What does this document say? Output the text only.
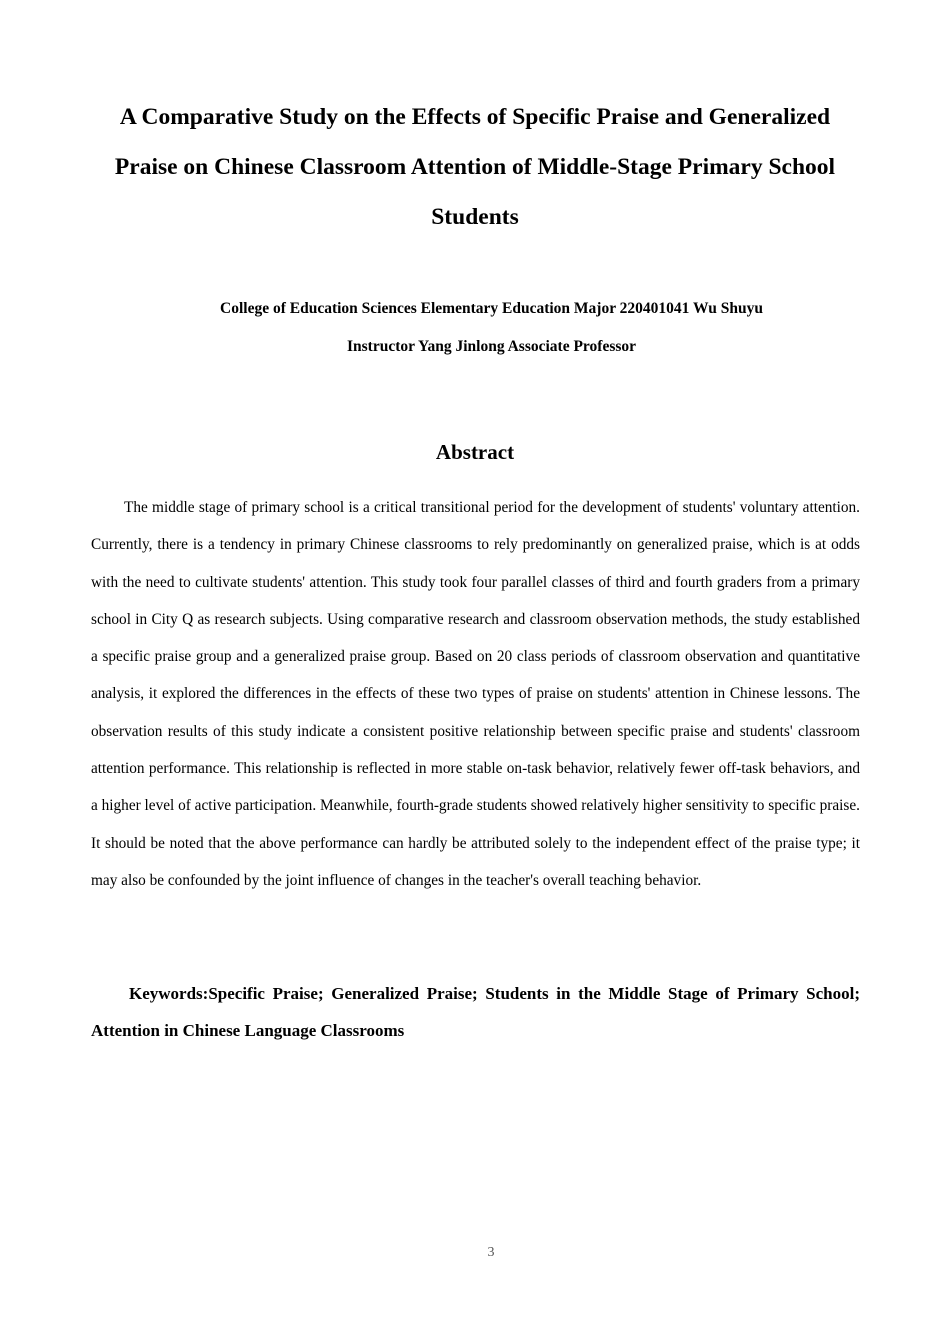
A Comparative Study on the Effects of Specific Praise and Generalized Praise on Chinese Classroom Attention of Middle-Stage Primary School Students

College of Education Sciences Elementary Education Major 220401041 Wu Shuyu

Instructor Yang Jinlong Associate Professor

Abstract

The middle stage of primary school is a critical transitional period for the development of students' voluntary attention. Currently, there is a tendency in primary Chinese classrooms to rely predominantly on generalized praise, which is at odds with the need to cultivate students' attention. This study took four parallel classes of third and fourth graders from a primary school in City Q as research subjects. Using comparative research and classroom observation methods, the study established a specific praise group and a generalized praise group. Based on 20 class periods of classroom observation and quantitative analysis, it explored the differences in the effects of these two types of praise on students' attention in Chinese lessons. The observation results of this study indicate a consistent positive relationship between specific praise and students' classroom attention performance. This relationship is reflected in more stable on-task behavior, relatively fewer off-task behaviors, and a higher level of active participation. Meanwhile, fourth-grade students showed relatively higher sensitivity to specific praise. It should be noted that the above performance can hardly be attributed solely to the independent effect of the praise type; it may also be confounded by the joint influence of changes in the teacher's overall teaching behavior.

Keywords:Specific Praise; Generalized Praise; Students in the Middle Stage of Primary School; Attention in Chinese Language Classrooms

3
